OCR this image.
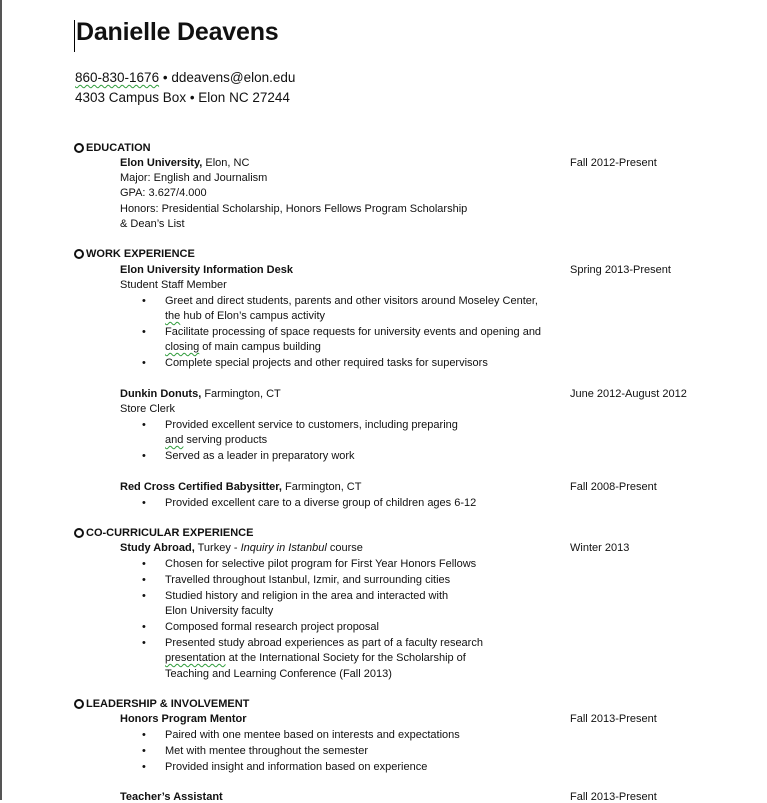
Danielle Deavens
860-830-1676 • ddeavens@elon.edu
4303 Campus Box • Elon NC 27244
EDUCATION
Elon University, Elon, NC	Fall 2012-Present
Major: English and Journalism
GPA: 3.627/4.000
Honors: Presidential Scholarship, Honors Fellows Program Scholarship
& Dean’s List
WORK EXPERIENCE
Elon University Information Desk	Spring 2013-Present
Student Staff Member
• Greet and direct students, parents and other visitors around Moseley Center,
the hub of Elon’s campus activity
• Facilitate processing of space requests for university events and opening and
closing of main campus building
• Complete special projects and other required tasks for supervisors
Dunkin Donuts, Farmington, CT	June 2012-August 2012
Store Clerk
• Provided excellent service to customers, including preparing
and serving products
• Served as a leader in preparatory work
Red Cross Certified Babysitter, Farmington, CT	Fall 2008-Present
• Provided excellent care to a diverse group of children ages 6-12
CO-CURRICULAR EXPERIENCE
Study Abroad, Turkey - Inquiry in Istanbul course	Winter 2013
• Chosen for selective pilot program for First Year Honors Fellows
• Travelled throughout Istanbul, Izmir, and surrounding cities
• Studied history and religion in the area and interacted with
Elon University faculty
• Composed formal research project proposal
• Presented study abroad experiences as part of a faculty research
presentation at the International Society for the Scholarship of
Teaching and Learning Conference (Fall 2013)
LEADERSHIP & INVOLVEMENT
Honors Program Mentor	Fall 2013-Present
• Paired with one mentee based on interests and expectations
• Met with mentee throughout the semester
• Provided insight and information based on experience
Teacher’s Assistant	Fall 2013-Present
